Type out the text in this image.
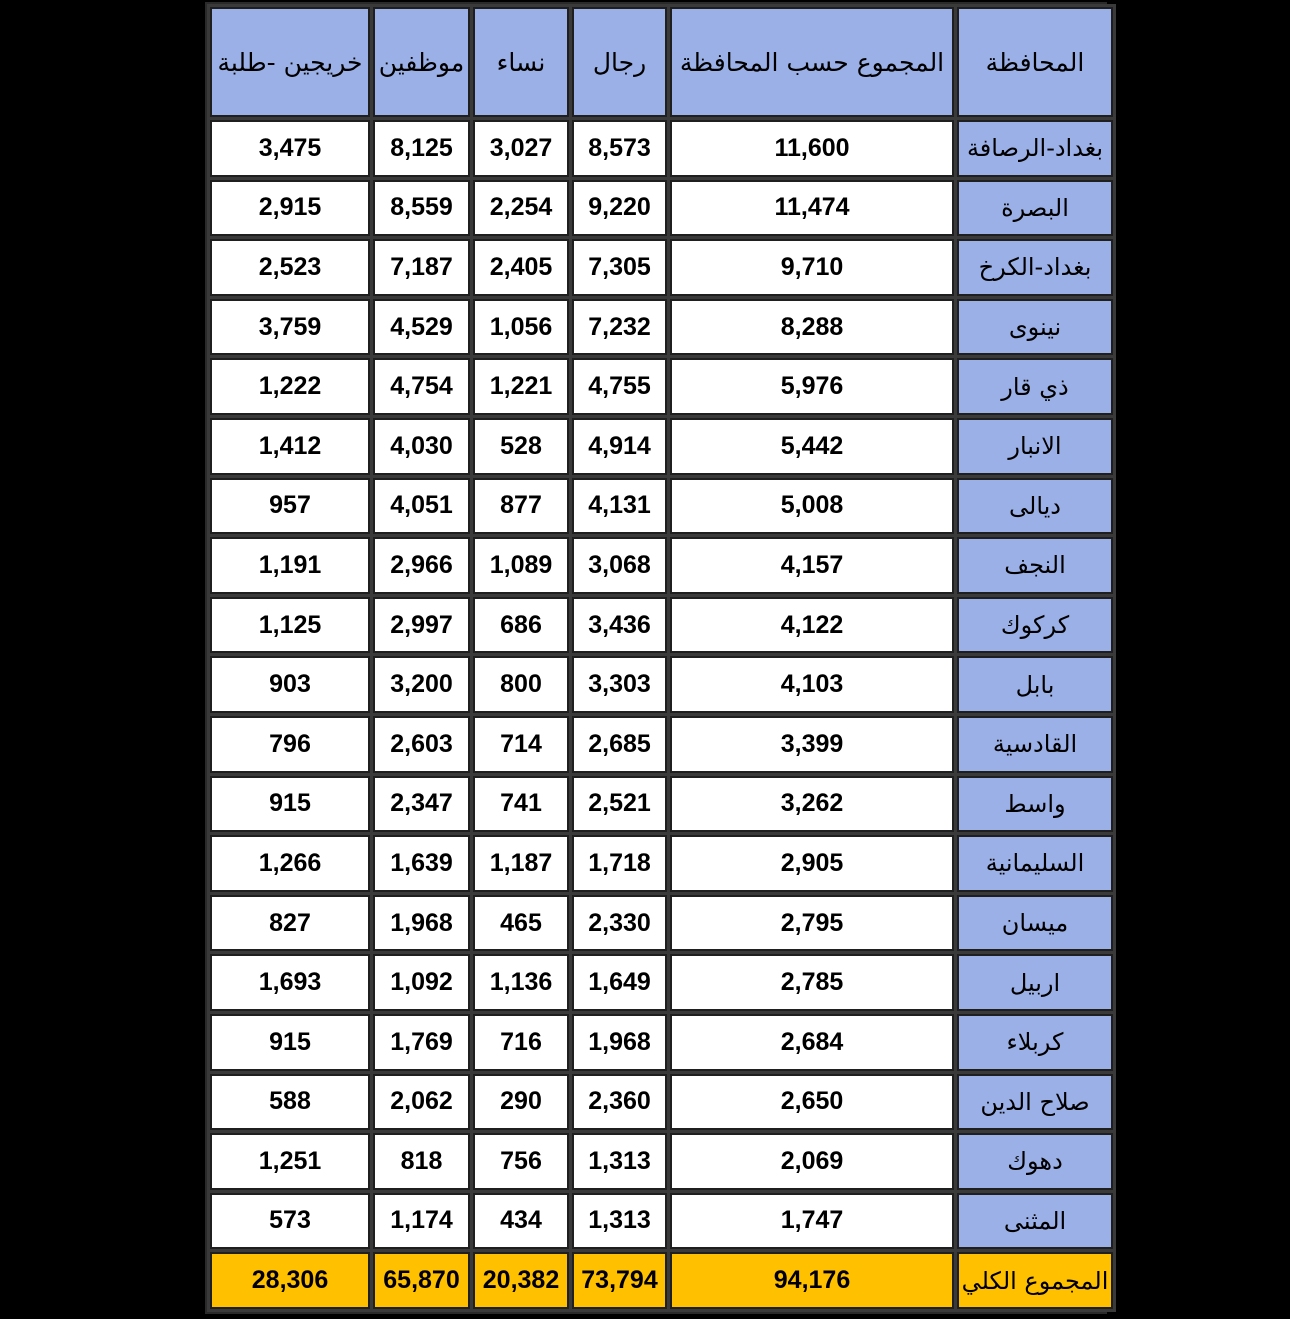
المحافظة	المجموع حسب المحافظة	رجال	نساء	موظفين	خريجين -طلبة
بغداد-الرصافة	11,600	8,573	3,027	8,125	3,475
البصرة	11,474	9,220	2,254	8,559	2,915
بغداد-الكرخ	9,710	7,305	2,405	7,187	2,523
نينوى	8,288	7,232	1,056	4,529	3,759
ذي قار	5,976	4,755	1,221	4,754	1,222
الانبار	5,442	4,914	528	4,030	1,412
ديالى	5,008	4,131	877	4,051	957
النجف	4,157	3,068	1,089	2,966	1,191
كركوك	4,122	3,436	686	2,997	1,125
بابل	4,103	3,303	800	3,200	903
القادسية	3,399	2,685	714	2,603	796
واسط	3,262	2,521	741	2,347	915
السليمانية	2,905	1,718	1,187	1,639	1,266
ميسان	2,795	2,330	465	1,968	827
اربيل	2,785	1,649	1,136	1,092	1,693
كربلاء	2,684	1,968	716	1,769	915
صلاح الدين	2,650	2,360	290	2,062	588
دهوك	2,069	1,313	756	818	1,251
المثنى	1,747	1,313	434	1,174	573
المجموع الكلي	94,176	73,794	20,382	65,870	28,306
